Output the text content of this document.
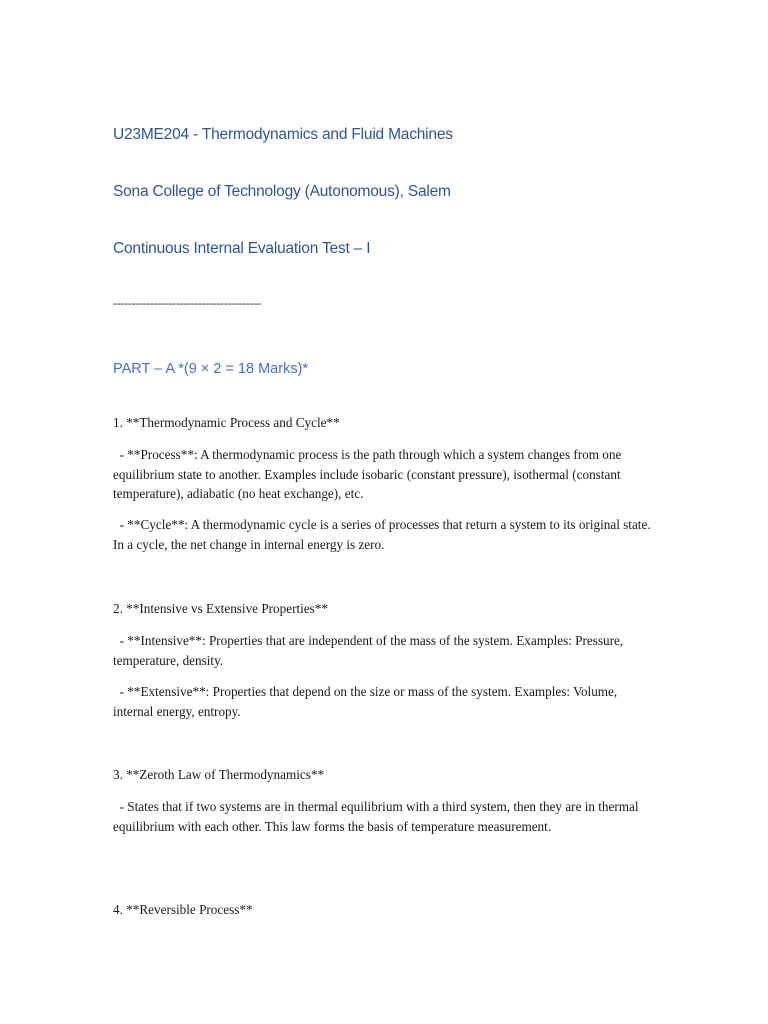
U23ME204 - Thermodynamics and Fluid Machines
Sona College of Technology (Autonomous), Salem
Continuous Internal Evaluation Test – I
----------------------------------------
PART – A *(9 × 2 = 18 Marks)*

1. **Thermodynamic Process and Cycle**

- **Process**: A thermodynamic process is the path through which a system changes from one equilibrium state to another. Examples include isobaric (constant pressure), isothermal (constant temperature), adiabatic (no heat exchange), etc.

- **Cycle**: A thermodynamic cycle is a series of processes that return a system to its original state. In a cycle, the net change in internal energy is zero.

2. **Intensive vs Extensive Properties**

- **Intensive**: Properties that are independent of the mass of the system. Examples: Pressure, temperature, density.

- **Extensive**: Properties that depend on the size or mass of the system. Examples: Volume, internal energy, entropy.

3. **Zeroth Law of Thermodynamics**

- States that if two systems are in thermal equilibrium with a third system, then they are in thermal equilibrium with each other. This law forms the basis of temperature measurement.

4. **Reversible Process**
